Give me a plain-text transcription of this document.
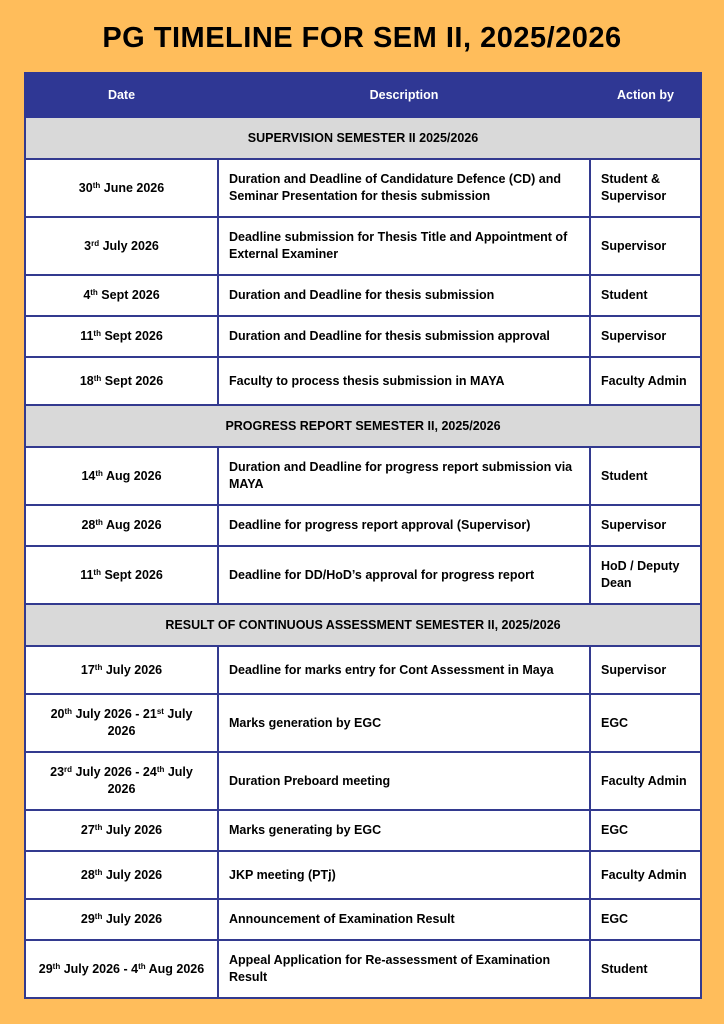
PG TIMELINE FOR SEM II, 2025/2026
Date	Description	Action by
SUPERVISION SEMESTER II 2025/2026		
30th June 2026	Duration and Deadline of Candidature Defence (CD) and Seminar Presentation for thesis submission	Student & Supervisor
3rd July 2026	Deadline submission for Thesis Title and Appointment of External Examiner	Supervisor
4th Sept 2026	Duration and Deadline for thesis submission	Student
11th Sept 2026	Duration and Deadline for thesis submission approval	Supervisor
18th Sept 2026	Faculty to process thesis submission in MAYA	Faculty Admin
PROGRESS REPORT SEMESTER II, 2025/2026		
14th Aug 2026	Duration and Deadline for progress report submission via MAYA	Student
28th Aug 2026	Deadline for progress report approval (Supervisor)	Supervisor
11th Sept 2026	Deadline for DD/HoD’s approval for progress report	HoD / Deputy Dean
RESULT OF CONTINUOUS ASSESSMENT SEMESTER II, 2025/2026		
17th July 2026	Deadline for marks entry for Cont Assessment in Maya	Supervisor
20th July 2026 - 21st July 2026	Marks generation by EGC	EGC
23rd July 2026 - 24th July 2026	Duration Preboard meeting	Faculty Admin
27th July 2026	Marks generating by EGC	EGC
28th July 2026	JKP meeting (PTj)	Faculty Admin
29th July 2026	Announcement of Examination Result	EGC
29th July 2026 - 4th Aug 2026	Appeal Application for Re-assessment of Examination Result	Student
